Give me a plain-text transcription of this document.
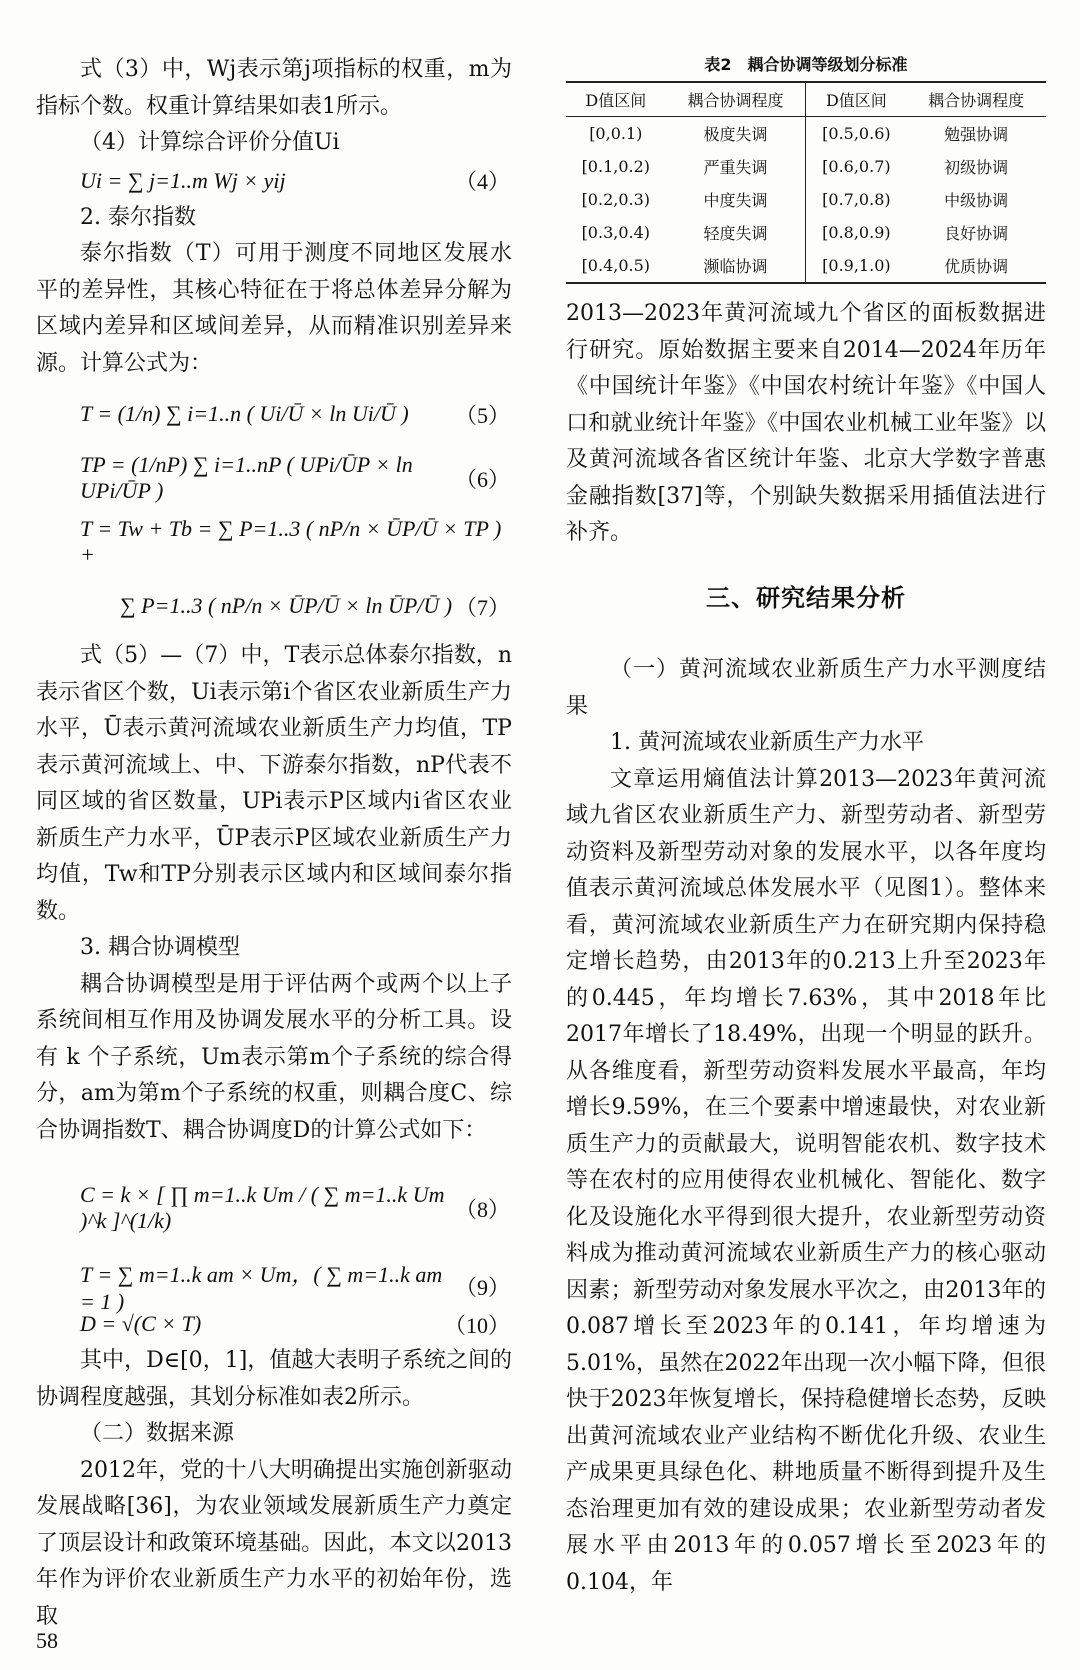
式（3）中，Wj表示第j项指标的权重，m为指标个数。权重计算结果如表1所示。

（4）计算综合评价分值Ui

Ui = ∑ j=1..m Wj × yij	（4）

2. 泰尔指数

泰尔指数（T）可用于测度不同地区发展水平的差异性，其核心特征在于将总体差异分解为区域内差异和区域间差异，从而精准识别差异来源。计算公式为：

T = (1/n) ∑ i=1..n ( Ui/Ū × ln Ui/Ū ) （5）
TP = (1/nP) ∑ i=1..nP ( UPi/ŪP × ln UPi/ŪP )	（6）
T = Tw + Tb = ∑ P=1..3 ( nP/n × ŪP/Ū × TP ) +
∑ P=1..3 ( nP/n × ŪP/Ū × ln ŪP/Ū ) （7）

式（5）—（7）中，T表示总体泰尔指数，n表示省区个数，Ui表示第i个省区农业新质生产力水平，Ū表示黄河流域农业新质生产力均值，TP表示黄河流域上、中、下游泰尔指数，nP代表不同区域的省区数量，UPi表示P区域内i省区农业新质生产力水平，ŪP表示P区域农业新质生产力均值，Tw和TP分别表示区域内和区域间泰尔指数。

3. 耦合协调模型

耦合协调模型是用于评估两个或两个以上子系统间相互作用及协调发展水平的分析工具。设有 k 个子系统，Um表示第m个子系统的综合得分，am为第m个子系统的权重，则耦合度C、综合协调指数T、耦合协调度D的计算公式如下：

C = k × [ ∏ m=1..k Um / ( ∑ m=1..k Um )^k ]^(1/k)	（8）
T = ∑ m=1..k am × Um，( ∑ m=1..k am = 1 )
（9）
D = √(C × T)	（10）

其中，D∈[0，1]，值越大表明子系统之间的协调程度越强，其划分标准如表2所示。

（二）数据来源

2012年，党的十八大明确提出实施创新驱动发展战略[36]，为农业领域发展新质生产力奠定了顶层设计和政策环境基础。因此，本文以2013年作为评价农业新质生产力水平的初始年份，选取

表2　耦合协调等级划分标准
D值区间	耦合协调程度	D值区间	耦合协调程度
[0,0.1)	极度失调	[0.5,0.6)	勉强协调
[0.1,0.2)	严重失调	[0.6,0.7)	初级协调
[0.2,0.3)	中度失调	[0.7,0.8)	中级协调
[0.3,0.4)	轻度失调	[0.8,0.9)	良好协调
[0.4,0.5)	濒临协调	[0.9,1.0)	优质协调

2013—2023年黄河流域九个省区的面板数据进行研究。原始数据主要来自2014—2024年历年《中国统计年鉴》《中国农村统计年鉴》《中国人口和就业统计年鉴》《中国农业机械工业年鉴》以及黄河流域各省区统计年鉴、北京大学数字普惠金融指数[37]等，个别缺失数据采用插值法进行补齐。

三、研究结果分析

（一）黄河流域农业新质生产力水平测度结果

1. 黄河流域农业新质生产力水平

文章运用熵值法计算2013—2023年黄河流域九省区农业新质生产力、新型劳动者、新型劳动资料及新型劳动对象的发展水平，以各年度均值表示黄河流域总体发展水平（见图1）。整体来看，黄河流域农业新质生产力在研究期内保持稳定增长趋势，由2013年的0.213上升至2023年的0.445，年均增长7.63%，其中2018年比2017年增长了18.49%，出现一个明显的跃升。从各维度看，新型劳动资料发展水平最高，年均增长9.59%，在三个要素中增速最快，对农业新质生产力的贡献最大，说明智能农机、数字技术等在农村的应用使得农业机械化、智能化、数字化及设施化水平得到很大提升，农业新型劳动资料成为推动黄河流域农业新质生产力的核心驱动因素；新型劳动对象发展水平次之，由2013年的0.087增长至2023年的0.141，年均增速为5.01%，虽然在2022年出现一次小幅下降，但很快于2023年恢复增长，保持稳健增长态势，反映出黄河流域农业产业结构不断优化升级、农业生产成果更具绿色化、耕地质量不断得到提升及生态治理更加有效的建设成果；农业新型劳动者发展水平由2013年的0.057增长至2023年的0.104，年

58
